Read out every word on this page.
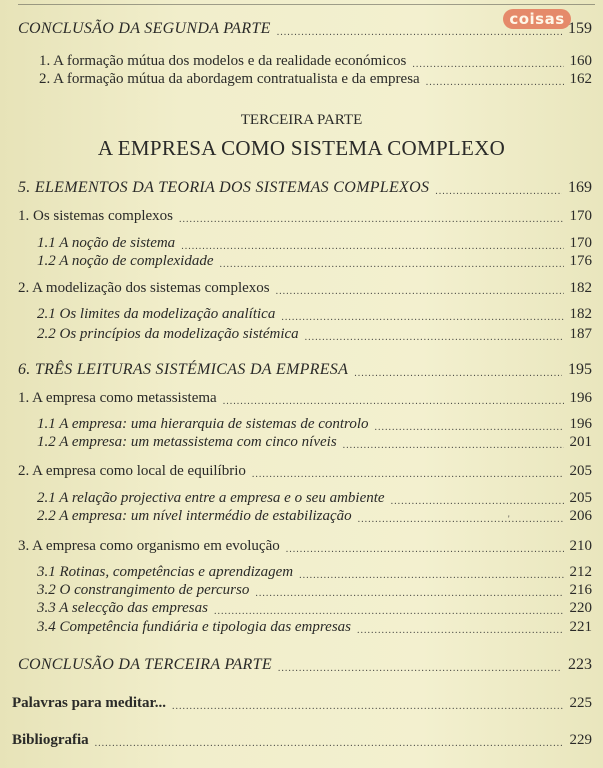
coisas
CONCLUSÃO DA SEGUNDA PARTE .....	159
1. A formação mútua dos modelos e da realidade económicos .....	160
2. A formação mútua da abordagem contratualista e da empresa .....	162
TERCEIRA PARTE
A EMPRESA COMO SISTEMA COMPLEXO
5. ELEMENTOS DA TEORIA DOS SISTEMAS COMPLEXOS .....	169
1. Os sistemas complexos .....	170
1.1 A noção de sistema .....	170
1.2 A noção de complexidade .....	176
2. A modelização dos sistemas complexos .....	182
2.1 Os limites da modelização analítica .....	182
2.2 Os princípios da modelização sistémica .....	187
6. TRÊS LEITURAS SISTÉMICAS DA EMPRESA .....	195
1. A empresa como metassistema .....	196
1.1 A empresa: uma hierarquia de sistemas de controlo .....	196
1.2 A empresa: um metassistema com cinco níveis .....	201
2. A empresa como local de equilíbrio .....	205
2.1 A relação projectiva entre a empresa e o seu ambiente .....	205
2.2 A empresa: um nível intermédio de estabilização .....	206
'
3. A empresa como organismo em evolução .....	210
3.1 Rotinas, competências e aprendizagem .....	212
3.2 O constrangimento de percurso .....	216
3.3 A selecção das empresas .....	220
3.4 Competência fundiária e tipologia das empresas .....	221
CONCLUSÃO DA TERCEIRA PARTE .....	223
Palavras para meditar... .....	225
Bibliografia .....	229
